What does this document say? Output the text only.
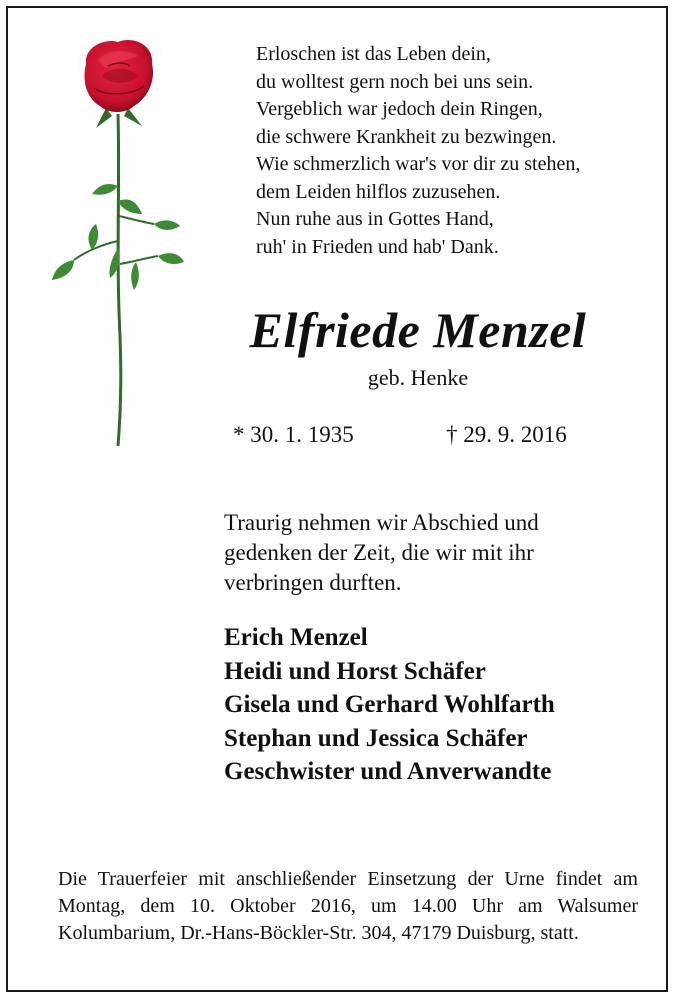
Erloschen ist das Leben dein,
du wolltest gern noch bei uns sein.
Vergeblich war jedoch dein Ringen,
die schwere Krankheit zu bezwingen.
Wie schmerzlich war's vor dir zu stehen,
dem Leiden hilflos zuzusehen.
Nun ruhe aus in Gottes Hand,
ruh' in Frieden und hab' Dank.
Elfriede Menzel
geb. Henke
* 30. 1. 1935	† 29. 9. 2016
Traurig nehmen wir Abschied und
gedenken der Zeit, die wir mit ihr
verbringen durften.
Erich Menzel
Heidi und Horst Schäfer
Gisela und Gerhard Wohlfarth
Stephan und Jessica Schäfer
Geschwister und Anverwandte
Die Trauerfeier mit anschließender Einsetzung der Urne findet am Montag, dem 10. Oktober 2016, um 14.00 Uhr am Walsumer Kolumbarium, Dr.-Hans-Böckler-Str. 304, 47179 Duisburg, statt.
